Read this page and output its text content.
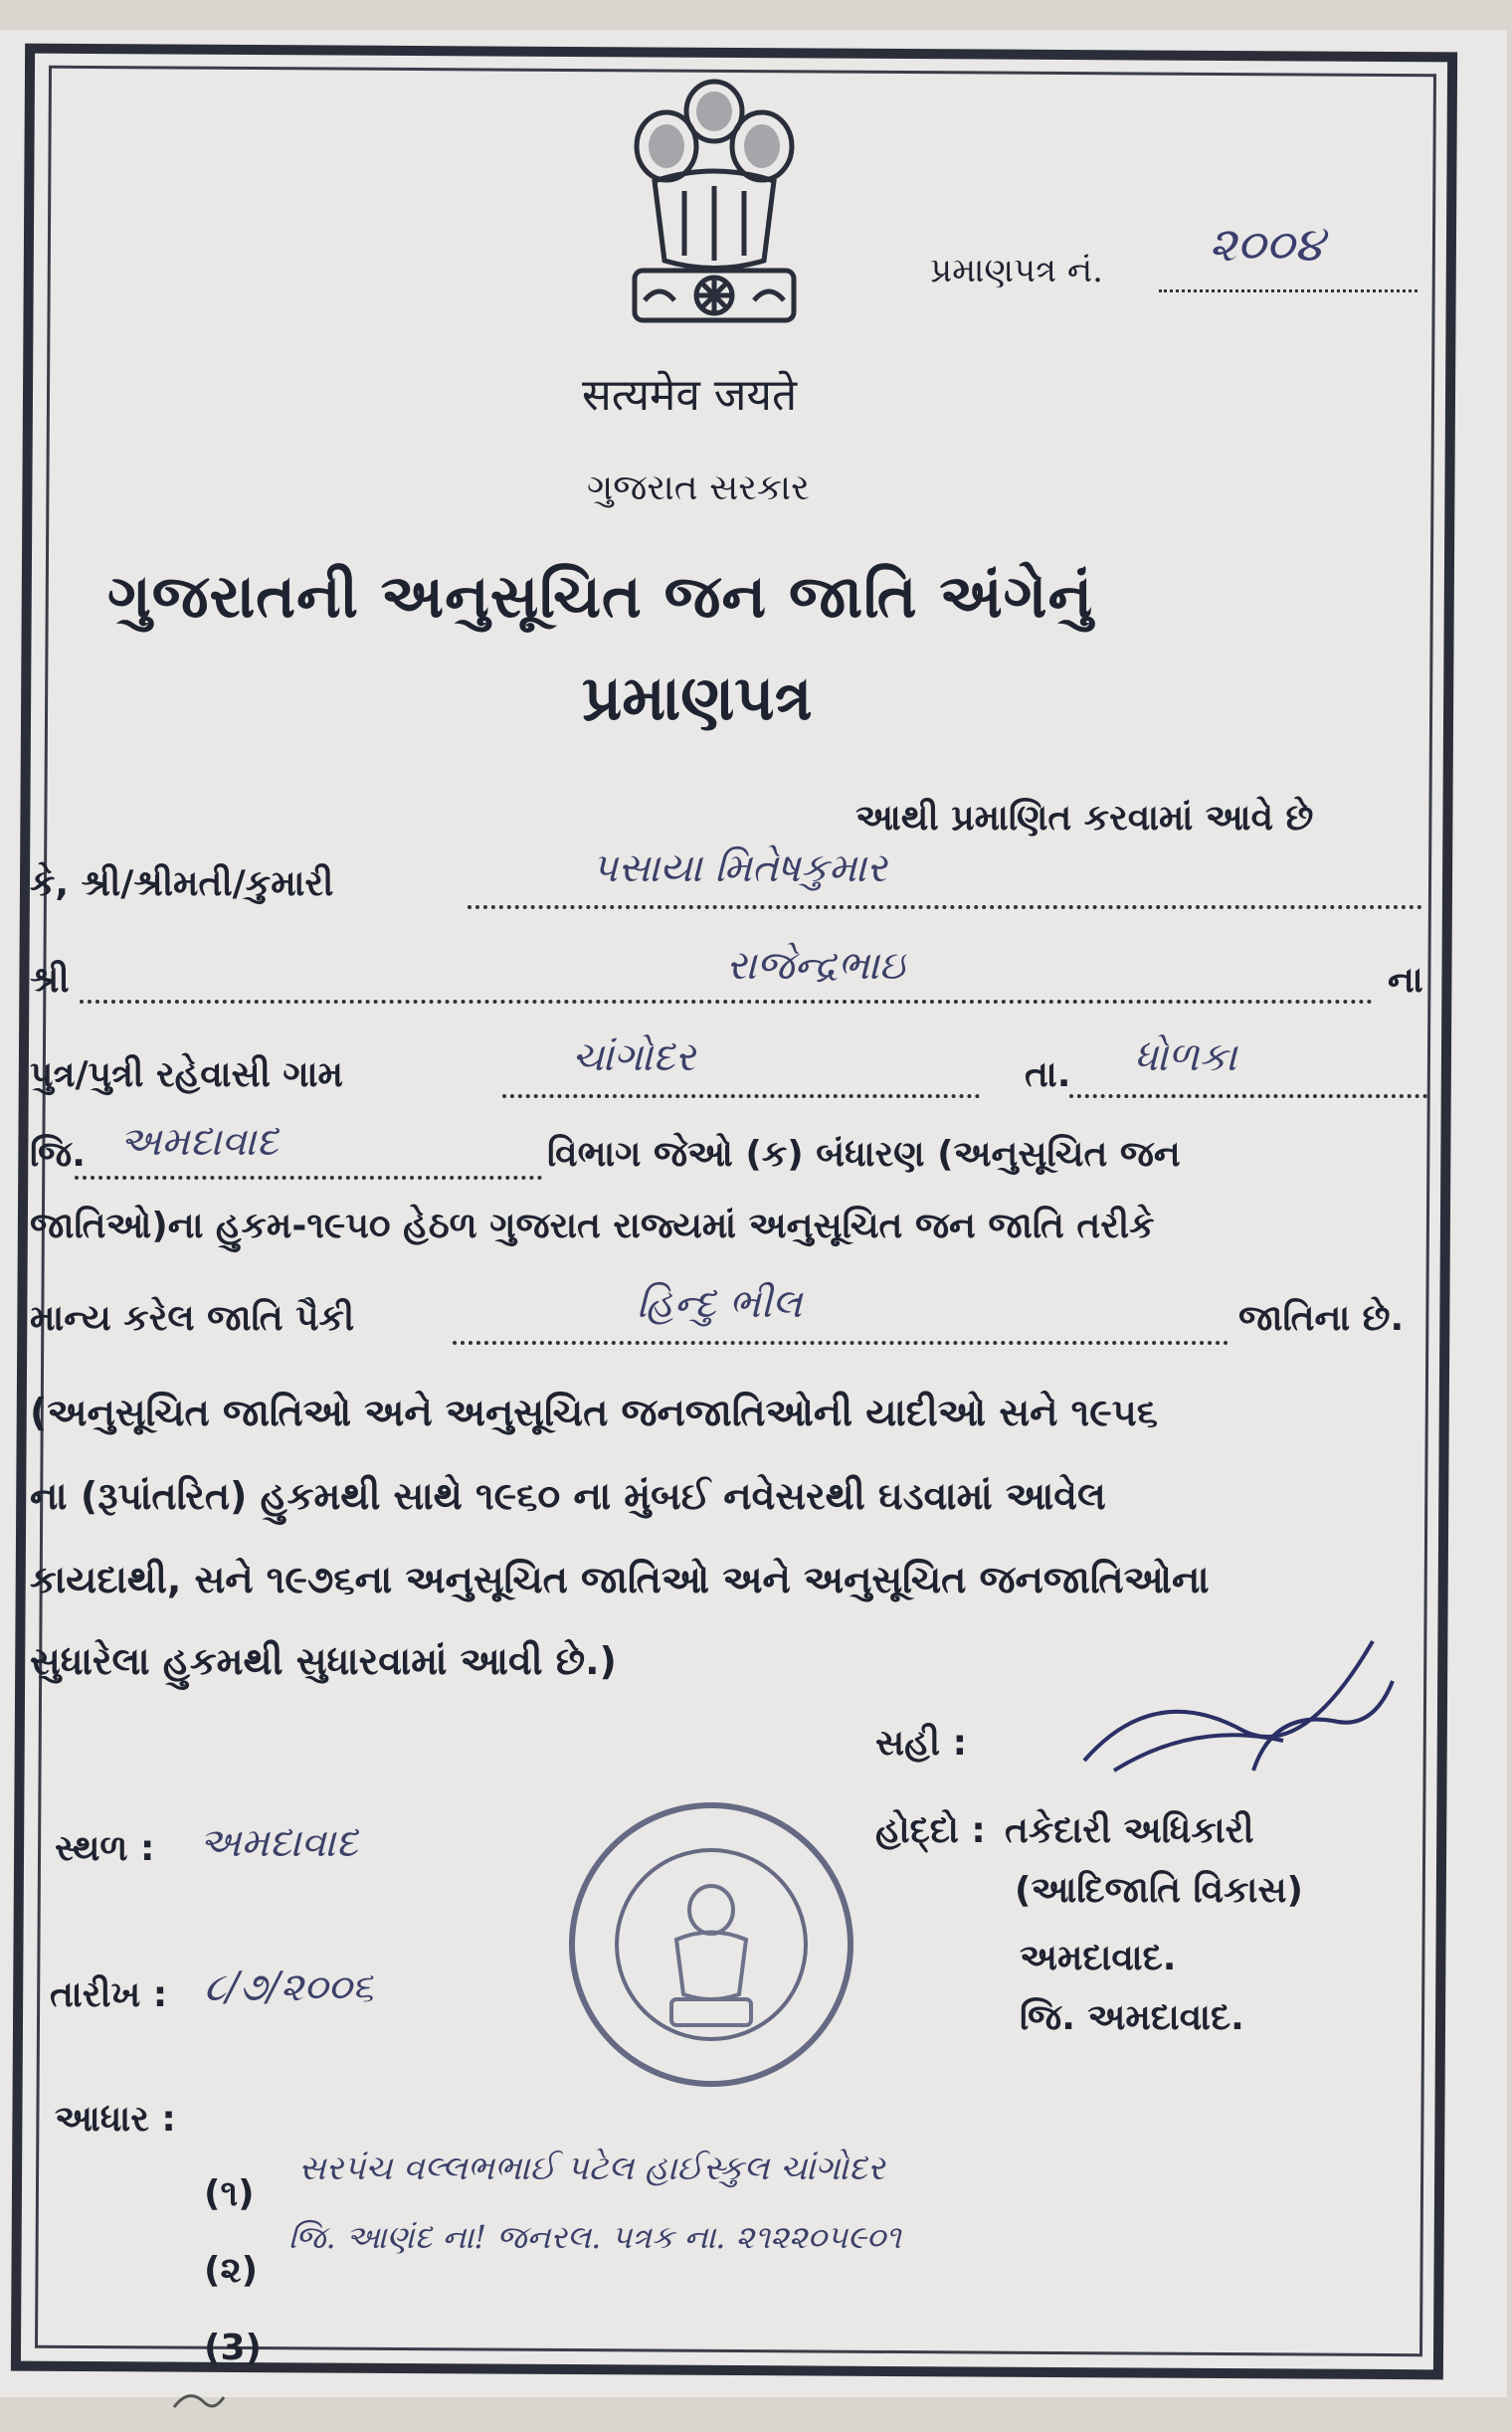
सत्यमेव जयते
પ્રમાણપત્ર નં. ૨૦૦૪
ગુજરાત સરકાર
ગુજરાતની અનુસૂચિત જન જાતિ અંગેનું
પ્રમાણપત્ર
આથી પ્રમાણિત કરવામાં આવે છે
કે, શ્રી/શ્રીમતી/કુમારી	પસાયા મિતેષકુમાર
શ્રી	રાજેન્દ્રભાઇ	ના
પુત્ર/પુત્રી રહેવાસી ગામ	ચાંગોદર	તા. ધોળકા
જિ. અમદાવાદ	વિભાગ જેઓ (ક) બંધારણ (અનુસૂચિત જન
જાતિઓ)ના હુકમ-૧૯૫૦ હેઠળ ગુજરાત રાજ્યમાં અનુસૂચિત જન જાતિ તરીકે
માન્ય કરેલ જાતિ પૈકી	હિન્દુ ભીલ	જાતિના છે.
(અનુસૂચિત જાતિઓ અને અનુસૂચિત જનજાતિઓની યાદીઓ સને ૧૯૫૬
ના (રૂપાંતરિત) હુકમથી સાથે ૧૯૬૦ ના મુંબઈ નવેસરથી ઘડવામાં આવેલ
કાયદાથી, સને ૧૯૭૬ના અનુસૂચિત જાતિઓ અને અનુસૂચિત જનજાતિઓના
સુધારેલા હુકમથી સુધારવામાં આવી છે.)
સહી :
સ્થળ : અમદાવાદ	હોદ્દો : તકેદારી અધિકારી
(આદિજાતિ વિકાસ)
અમદાવાદ.
જિ. અમદાવાદ.
તારીખ : ૮/૭/૨૦૦૬
આધાર :
(૧)
સરપંચ વલ્લભભાઈ પટેલ હાઈસ્કુલ ચાંગોદર
(૨)
જિ. આણંદ ના! જનરલ. પત્રક ના. ૨૧૨૨૦૫૯૦૧
(3)
